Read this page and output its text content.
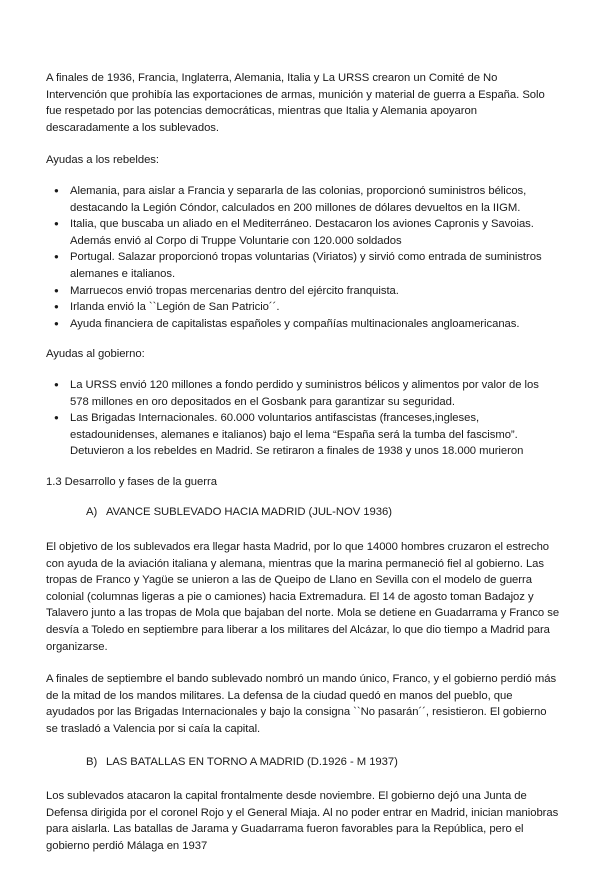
A finales de 1936, Francia, Inglaterra, Alemania, Italia y La URSS crearon un Comité de No Intervención que prohibía las exportaciones de armas, munición y material de guerra a España. Solo fue respetado por las potencias democráticas, mientras que Italia y Alemania apoyaron descaradamente a los sublevados.

Ayudas a los rebeldes:

● Alemania, para aislar a Francia y separarla de las colonias, proporcionó suministros bélicos, destacando la Legión Cóndor, calculados en 200 millones de dólares devueltos en la IIGM.
● Italia, que buscaba un aliado en el Mediterráneo. Destacaron los aviones Capronis y Savoias. Además envió al Corpo di Truppe Voluntarie con 120.000 soldados
● Portugal. Salazar proporcionó tropas voluntarias (Viriatos) y sirvió como entrada de suministros alemanes e italianos.
● Marruecos envió tropas mercenarias dentro del ejército franquista.
● Irlanda envió la ``Legión de San Patricio´´.
● Ayuda financiera de capitalistas españoles y compañías multinacionales angloamericanas.

Ayudas al gobierno:

● La URSS envió 120 millones a fondo perdido y suministros bélicos y alimentos por valor de los 578 millones en oro depositados en el Gosbank para garantizar su seguridad.
● Las Brigadas Internacionales. 60.000 voluntarios antifascistas (franceses,ingleses, estadounidenses, alemanes e italianos) bajo el lema “España será la tumba del fascismo”. Detuvieron a los rebeldes en Madrid. Se retiraron a finales de 1938 y unos 18.000 murieron

1.3 Desarrollo y fases de la guerra

A) AVANCE SUBLEVADO HACIA MADRID (JUL-NOV 1936)

El objetivo de los sublevados era llegar hasta Madrid, por lo que 14000 hombres cruzaron el estrecho con ayuda de la aviación italiana y alemana, mientras que la marina permaneció fiel al gobierno. Las tropas de Franco y Yagüe se unieron a las de Queipo de Llano en Sevilla con el modelo de guerra colonial (columnas ligeras a pie o camiones) hacia Extremadura. El 14 de agosto toman Badajoz y Talavero junto a las tropas de Mola que bajaban del norte. Mola se detiene en Guadarrama y Franco se desvía a Toledo en septiembre para liberar a los militares del Alcázar, lo que dio tiempo a Madrid para organizarse.

A finales de septiembre el bando sublevado nombró un mando único, Franco, y el gobierno perdió más de la mitad de los mandos militares. La defensa de la ciudad quedó en manos del pueblo, que ayudados por las Brigadas Internacionales y bajo la consigna ``No pasarán´´, resistieron. El gobierno se trasladó a Valencia por si caía la capital.

B) LAS BATALLAS EN TORNO A MADRID (D.1926 - M 1937)

Los sublevados atacaron la capital frontalmente desde noviembre. El gobierno dejó una Junta de Defensa dirigida por el coronel Rojo y el General Miaja. Al no poder entrar en Madrid, inician maniobras para aislarla. Las batallas de Jarama y Guadarrama fueron favorables para la República, pero el gobierno perdió Málaga en 1937
